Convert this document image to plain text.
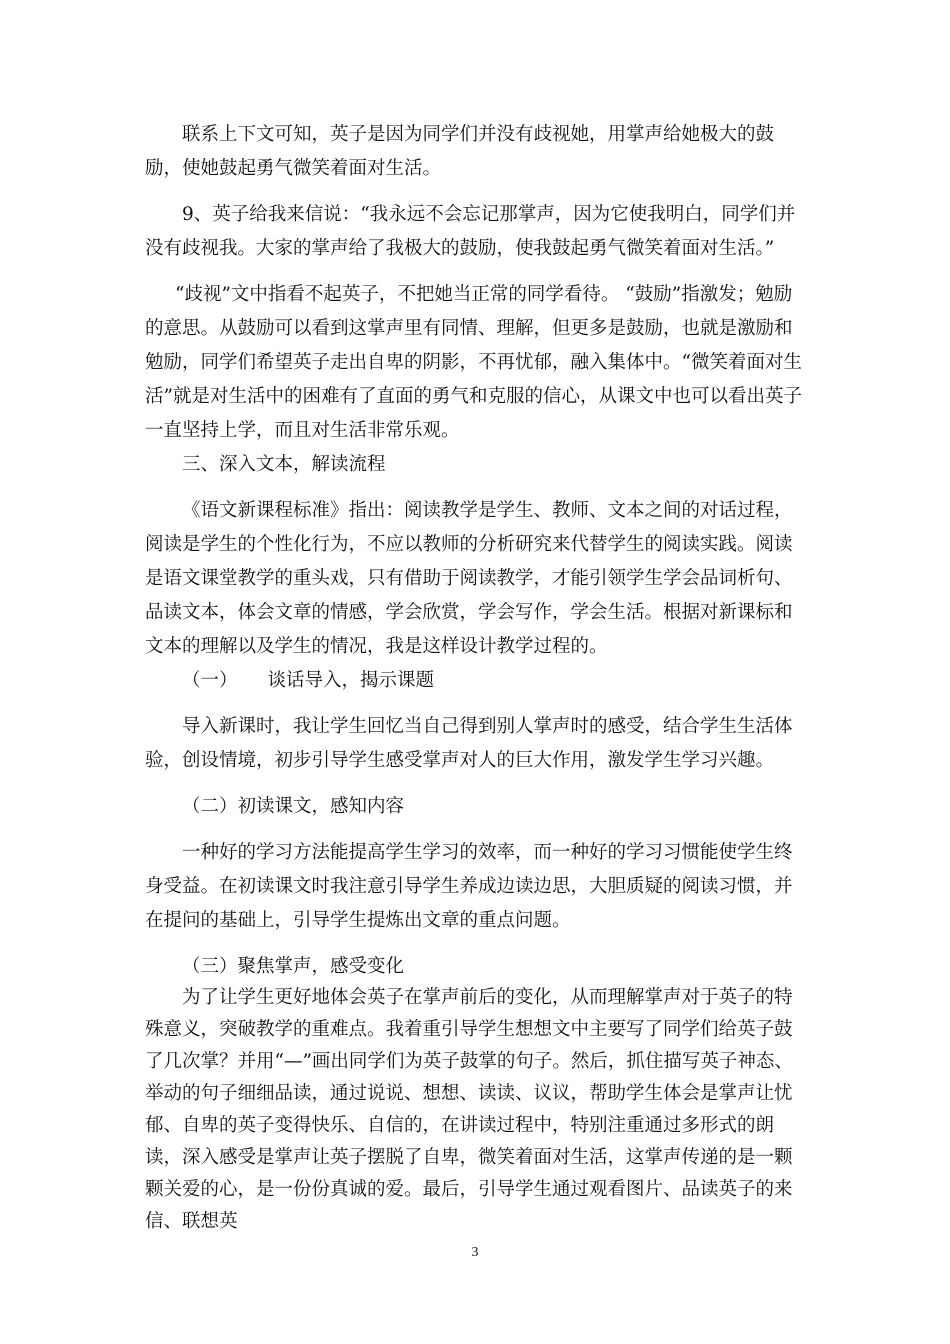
联系上下文可知，英子是因为同学们并没有歧视她，用掌声给她极大的鼓励，使她鼓起勇气微笑着面对生活。

9、英子给我来信说：“我永远不会忘记那掌声，因为它使我明白，同学们并没有歧视我。大家的掌声给了我极大的鼓励，使我鼓起勇气微笑着面对生活。”

“歧视”文中指看不起英子，不把她当正常的同学看待。 “鼓励”指激发；勉励的意思。从鼓励可以看到这掌声里有同情、理解，但更多是鼓励，也就是激励和勉励，同学们希望英子走出自卑的阴影，不再忧郁，融入集体中。“微笑着面对生活”就是对生活中的困难有了直面的勇气和克服的信心，从课文中也可以看出英子一直坚持上学，而且对生活非常乐观。

三、深入文本，解读流程

《语文新课程标准》指出：阅读教学是学生、教师、文本之间的对话过程，阅读是学生的个性化行为，不应以教师的分析研究来代替学生的阅读实践。阅读是语文课堂教学的重头戏，只有借助于阅读教学，才能引领学生学会品词析句、品读文本，体会文章的情感，学会欣赏，学会写作，学会生活。根据对新课标和文本的理解以及学生的情况，我是这样设计教学过程的。

（一） 谈话导入，揭示课题

导入新课时，我让学生回忆当自己得到别人掌声时的感受，结合学生生活体验，创设情境，初步引导学生感受掌声对人的巨大作用，激发学生学习兴趣。

（二）初读课文，感知内容

一种好的学习方法能提高学生学习的效率，而一种好的学习习惯能使学生终身受益。在初读课文时我注意引导学生养成边读边思，大胆质疑的阅读习惯，并在提问的基础上，引导学生提炼出文章的重点问题。

（三）聚焦掌声，感受变化

为了让学生更好地体会英子在掌声前后的变化，从而理解掌声对于英子的特殊意义，突破教学的重难点。我着重引导学生想想文中主要写了同学们给英子鼓了几次掌？并用“—”画出同学们为英子鼓掌的句子。然后，抓住描写英子神态、举动的句子细细品读，通过说说、想想、读读、议议，帮助学生体会是掌声让忧郁、自卑的英子变得快乐、自信的，在讲读过程中，特别注重通过多形式的朗读，深入感受是掌声让英子摆脱了自卑，微笑着面对生活，这掌声传递的是一颗颗关爱的心，是一份份真诚的爱。最后，引导学生通过观看图片、品读英子的来信、联想英

3
